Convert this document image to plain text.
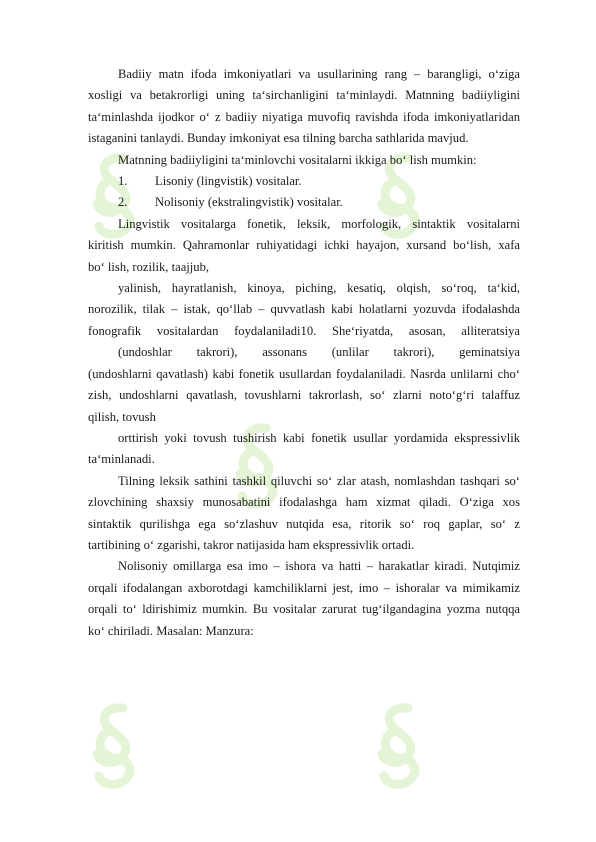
Badiiy matn ifoda imkoniyatlari va usullarining rang – barangligi, o‘ziga
xosligi va betakrorligi uning ta‘sirchanligini ta‘minlaydi. Matnning badiiyligini
ta‘minlashda ijodkor o‘ z badiiy niyatiga muvofiq ravishda ifoda imkoniyatlaridan
istaganini tanlaydi. Bunday imkoniyat esa tilning barcha sathlarida mavjud.
Matnning badiiyligini ta‘minlovchi vositalarni ikkiga bo‘ lish mumkin:
1.	Lisoniy (lingvistik) vositalar.
2.	Nolisoniy (ekstralingvistik) vositalar.
Lingvistik vositalarga fonetik, leksik, morfologik, sintaktik vositalarni
kiritish mumkin. Qahramonlar ruhiyatidagi ichki hayajon, xursand bo‘lish, xafa
bo‘ lish, rozilik, taajjub,
yalinish, hayratlanish, kinoya, piching, kesatiq, olqish, so‘roq, ta‘kid,
norozilik, tilak – istak, qo‘llab – quvvatlash kabi holatlarni yozuvda ifodalashda
fonografik vositalardan foydalaniladi10. She‘riyatda, asosan, alliteratsiya
(undoshlar takrori), assonans (unlilar takrori), geminatsiya
(undoshlarni qavatlash) kabi fonetik usullardan foydalaniladi. Nasrda unlilarni cho‘
zish, undoshlarni qavatlash, tovushlarni takrorlash, so‘ zlarni noto‘g‘ri talaffuz
qilish, tovush
orttirish yoki tovush tushirish kabi fonetik usullar yordamida ekspressivlik
ta‘minlanadi.
Tilning leksik sathini tashkil qiluvchi so‘ zlar atash, nomlashdan tashqari so‘
zlovchining shaxsiy munosabatini ifodalashga ham xizmat qiladi. O‘ziga xos
sintaktik qurilishga ega so‘zlashuv nutqida esa, ritorik so‘ roq gaplar, so‘ z
tartibining o‘ zgarishi, takror natijasida ham ekspressivlik ortadi.
Nolisoniy omillarga esa imo – ishora va hatti – harakatlar kiradi. Nutqimiz
orqali ifodalangan axborotdagi kamchiliklarni jest, imo – ishoralar va mimikamiz
orqali to‘ ldirishimiz mumkin. Bu vositalar zarurat tug‘ilgandagina yozma nutqqa
ko‘ chiriladi. Masalan: Manzura:
